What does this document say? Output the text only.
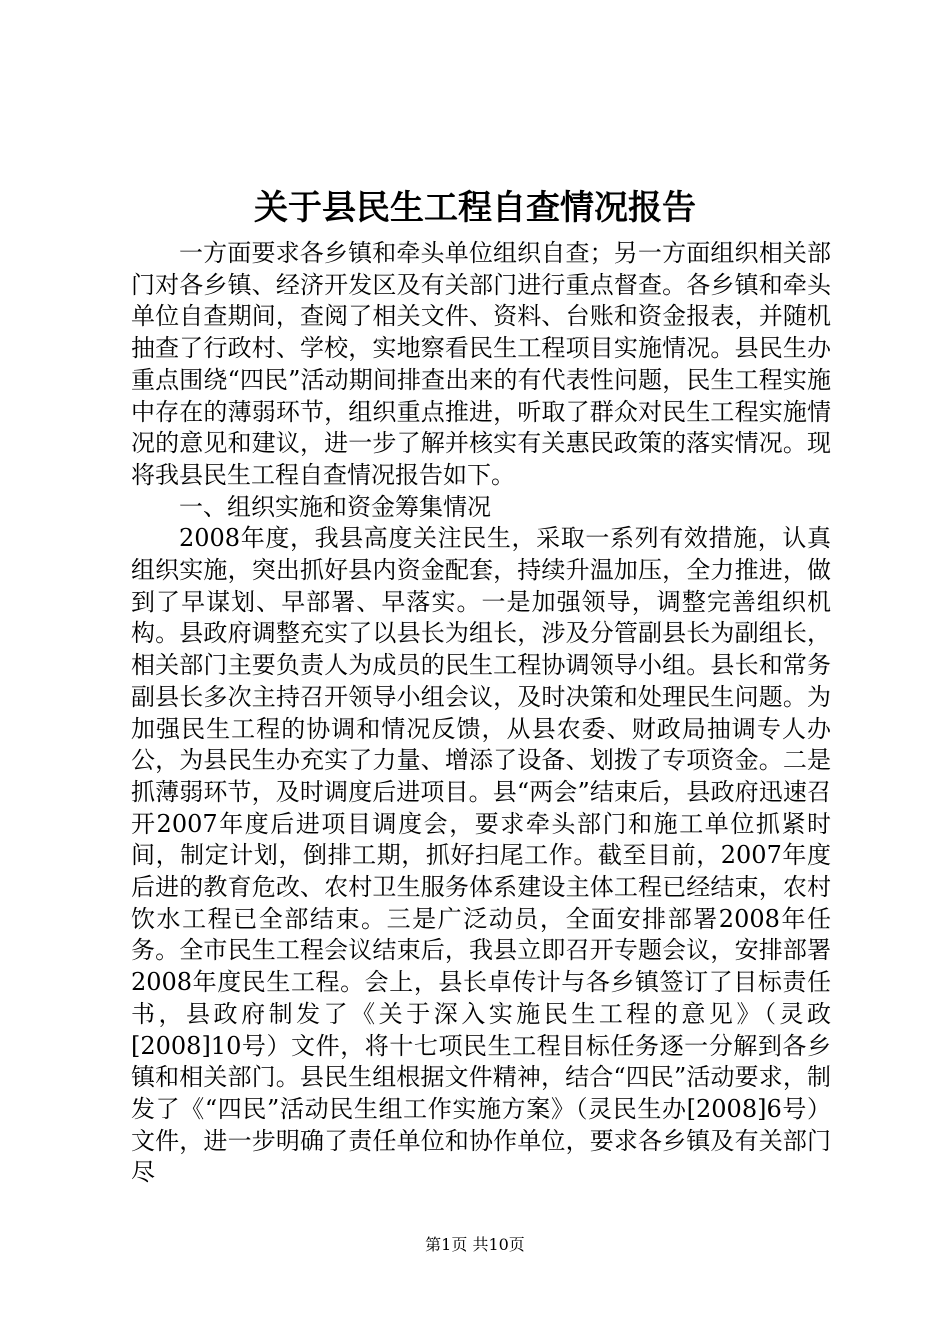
关于县民生工程自查情况报告

一方面要求各乡镇和牵头单位组织自查；另一方面组织相关部门对各乡镇、经济开发区及有关部门进行重点督查。各乡镇和牵头单位自查期间，查阅了相关文件、资料、台账和资金报表，并随机抽查了行政村、学校，实地察看民生工程项目实施情况。县民生办重点围绕“四民”活动期间排查出来的有代表性问题，民生工程实施中存在的薄弱环节，组织重点推进，听取了群众对民生工程实施情况的意见和建议，进一步了解并核实有关惠民政策的落实情况。现将我县民生工程自查情况报告如下。

一、组织实施和资金筹集情况

2008年度，我县高度关注民生，采取一系列有效措施，认真组织实施，突出抓好县内资金配套，持续升温加压，全力推进，做到了早谋划、早部署、早落实。一是加强领导，调整完善组织机构。县政府调整充实了以县长为组长，涉及分管副县长为副组长，相关部门主要负责人为成员的民生工程协调领导小组。县长和常务副县长多次主持召开领导小组会议，及时决策和处理民生问题。为加强民生工程的协调和情况反馈，从县农委、财政局抽调专人办公，为县民生办充实了力量、增添了设备、划拨了专项资金。二是抓薄弱环节，及时调度后进项目。县“两会”结束后，县政府迅速召开2007年度后进项目调度会，要求牵头部门和施工单位抓紧时间，制定计划，倒排工期，抓好扫尾工作。截至目前，2007年度后进的教育危改、农村卫生服务体系建设主体工程已经结束，农村饮水工程已全部结束。三是广泛动员，全面安排部署2008年任务。全市民生工程会议结束后，我县立即召开专题会议，安排部署2008年度民生工程。会上，县长卓传计与各乡镇签订了目标责任书，县政府制发了《关于深入实施民生工程的意见》（灵政[2008]10号）文件，将十七项民生工程目标任务逐一分解到各乡镇和相关部门。县民生组根据文件精神，结合“四民”活动要求，制发了《“四民”活动民生组工作实施方案》（灵民生办[2008]6号）文件，进一步明确了责任单位和协作单位，要求各乡镇及有关部门尽

第1页 共10页
